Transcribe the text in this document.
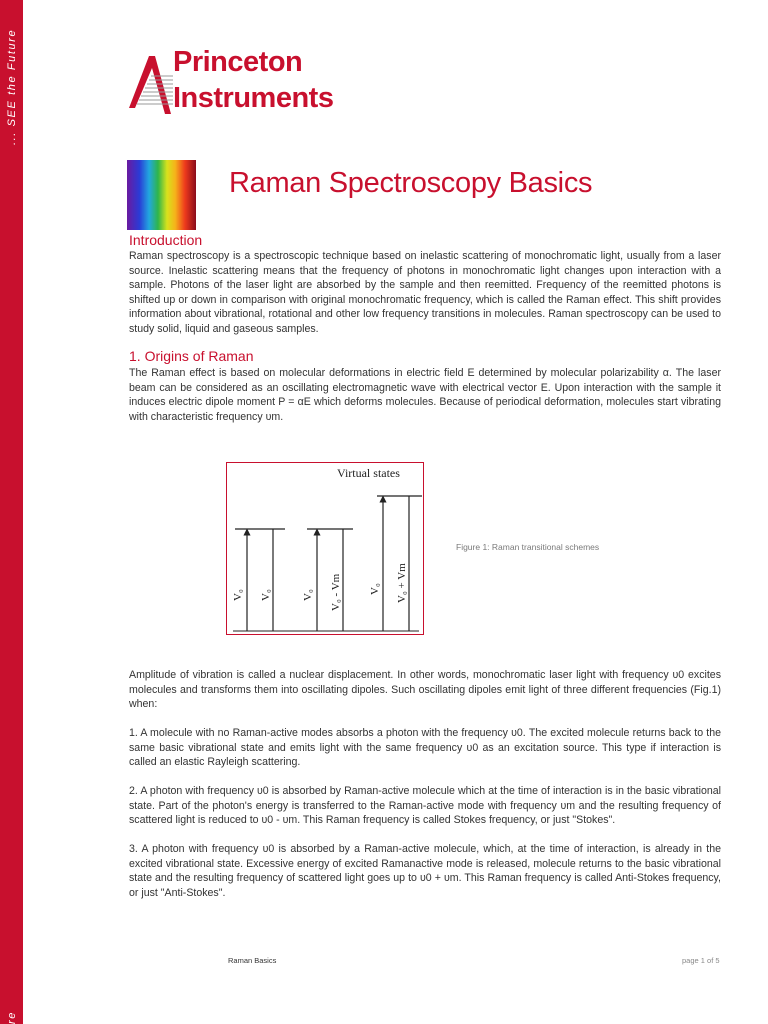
... SEE the Future
re
Princeton
Instruments
Raman Spectroscopy Basics
Introduction
Raman spectroscopy is a spectroscopic technique based on inelastic scattering of monochromatic light, usually from a laser source. Inelastic scattering means that the frequency of photons in monochromatic light changes upon interaction with a sample. Photons of the laser light are absorbed by the sample and then reemitted. Frequency of the reemitted photons is shifted up or down in comparison with original monochromatic frequency, which is called the Raman effect. This shift provides information about vibrational, rotational and other low frequency transitions in molecules. Raman spectroscopy can be used to study solid, liquid and gaseous samples.
1. Origins of Raman
The Raman effect is based on molecular deformations in electric field E determined by molecular polarizability α. The laser beam can be considered as an oscillating electromagnetic wave with electrical vector E. Upon interaction with the sample it induces electric dipole moment P = αE which deforms molecules. Because of periodical deformation, molecules start vibrating with characteristic frequency υm.
Virtual states
V₀ V₀	V₀ V₀ - Vm V₀ V₀ + Vm
Figure 1: Raman transitional schemes
Amplitude of vibration is called a nuclear displacement. In other words, monochromatic laser light with frequency υ0 excites molecules and transforms them into oscillating dipoles. Such oscillating dipoles emit light of three different frequencies (Fig.1) when:
1. A molecule with no Raman-active modes absorbs a photon with the frequency υ0. The excited molecule returns back to the same basic vibrational state and emits light with the same frequency υ0 as an excitation source. This type if interaction is called an elastic Rayleigh scattering.
2. A photon with frequency υ0 is absorbed by Raman-active molecule which at the time of interaction is in the basic vibrational state. Part of the photon's energy is transferred to the Raman-active mode with frequency υm and the resulting frequency of scattered light is reduced to υ0 - υm. This Raman frequency is called Stokes frequency, or just "Stokes".
3. A photon with frequency υ0 is absorbed by a Raman-active molecule, which, at the time of interaction, is already in the excited vibrational state. Excessive energy of excited Ramanactive mode is released, molecule returns to the basic vibrational state and the resulting frequency of scattered light goes up to υ0 + υm. This Raman frequency is called Anti-Stokes frequency, or just "Anti-Stokes".
Raman Basics	page 1 of 5
